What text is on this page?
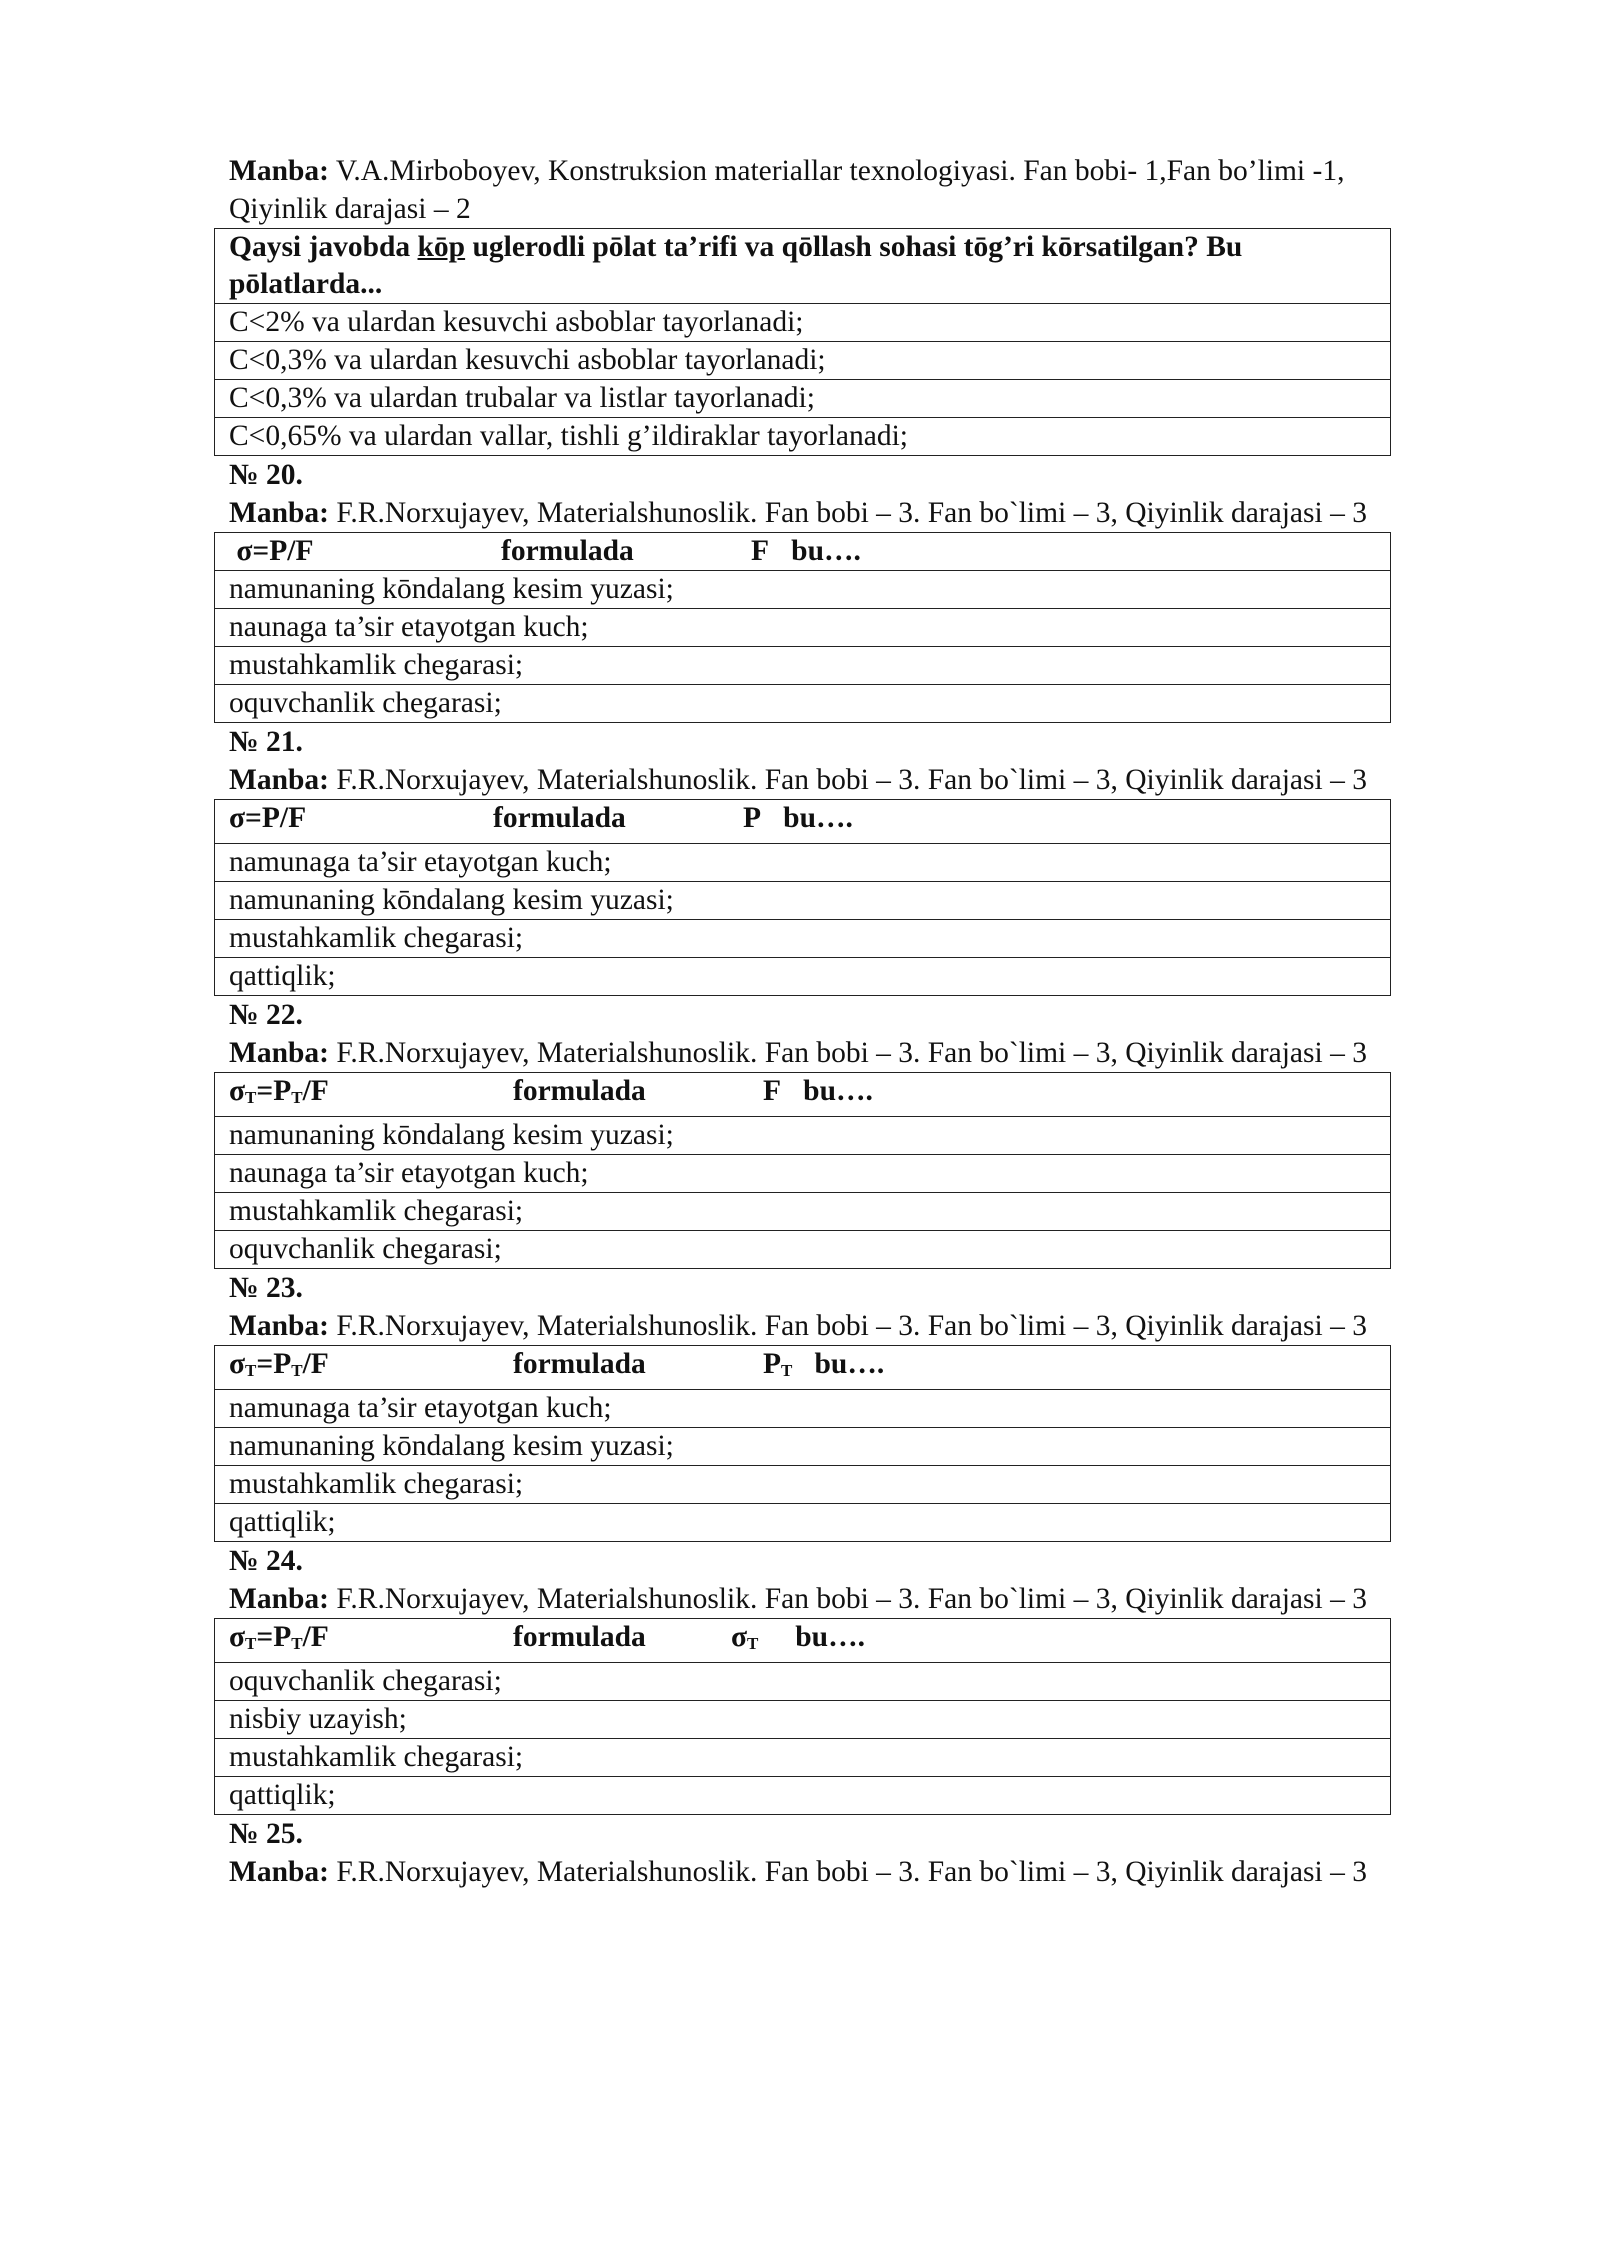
Manba: V.A.Mirboboyev, Konstruksion materiallar texnologiyasi. Fan bobi- 1,Fan bo’limi -1, Qiyinlik darajasi – 2

Qaysi javobda kōp uglerodli pōlat ta’rifi va qōllash sohasi tōg’ri kōrsatilgan? Bu pōlatlarda...
C<2% va ulardan kesuvchi asboblar tayorlanadi;
C<0,3% va ulardan kesuvchi asboblar tayorlanadi;
C<0,3% va ulardan trubalar va listlar tayorlanadi;
C<0,65% va ulardan vallar, tishli g’ildiraklar tayorlanadi;

№ 20.

Manba: F.R.Norxujayev, Materialshunoslik. Fan bobi – 3. Fan bo`limi – 3, Qiyinlik darajasi – 3

σ=P/F	formulada	F bu….
namunaning kōndalang kesim yuzasi;
naunaga ta’sir etayotgan kuch;
mustahkamlik chegarasi;
oquvchanlik chegarasi;

№ 21.

Manba: F.R.Norxujayev, Materialshunoslik. Fan bobi – 3. Fan bo`limi – 3, Qiyinlik darajasi – 3

σ=P/F	formulada	P bu….
namunaga ta’sir etayotgan kuch;
namunaning kōndalang kesim yuzasi;
mustahkamlik chegarasi;
qattiqlik;

№ 22.

Manba: F.R.Norxujayev, Materialshunoslik. Fan bobi – 3. Fan bo`limi – 3, Qiyinlik darajasi – 3

$\sigma_T=P_T/F$	formulada	F bu….
namunaning kōndalang kesim yuzasi;
naunaga ta’sir etayotgan kuch;
mustahkamlik chegarasi;
oquvchanlik chegarasi;

№ 23.

Manba: F.R.Norxujayev, Materialshunoslik. Fan bobi – 3. Fan bo`limi – 3, Qiyinlik darajasi – 3

$\sigma_T=P_T/F$	formulada	$P_T$ bu….
namunaga ta’sir etayotgan kuch;
namunaning kōndalang kesim yuzasi;
mustahkamlik chegarasi;
qattiqlik;

№ 24.

Manba: F.R.Norxujayev, Materialshunoslik. Fan bobi – 3. Fan bo`limi – 3, Qiyinlik darajasi – 3

$\sigma_T=P_T/F$	formulada	$\sigma_T$ bu….
oquvchanlik chegarasi;
nisbiy uzayish;
mustahkamlik chegarasi;
qattiqlik;

№ 25.

Manba: F.R.Norxujayev, Materialshunoslik. Fan bobi – 3. Fan bo`limi – 3, Qiyinlik darajasi – 3
